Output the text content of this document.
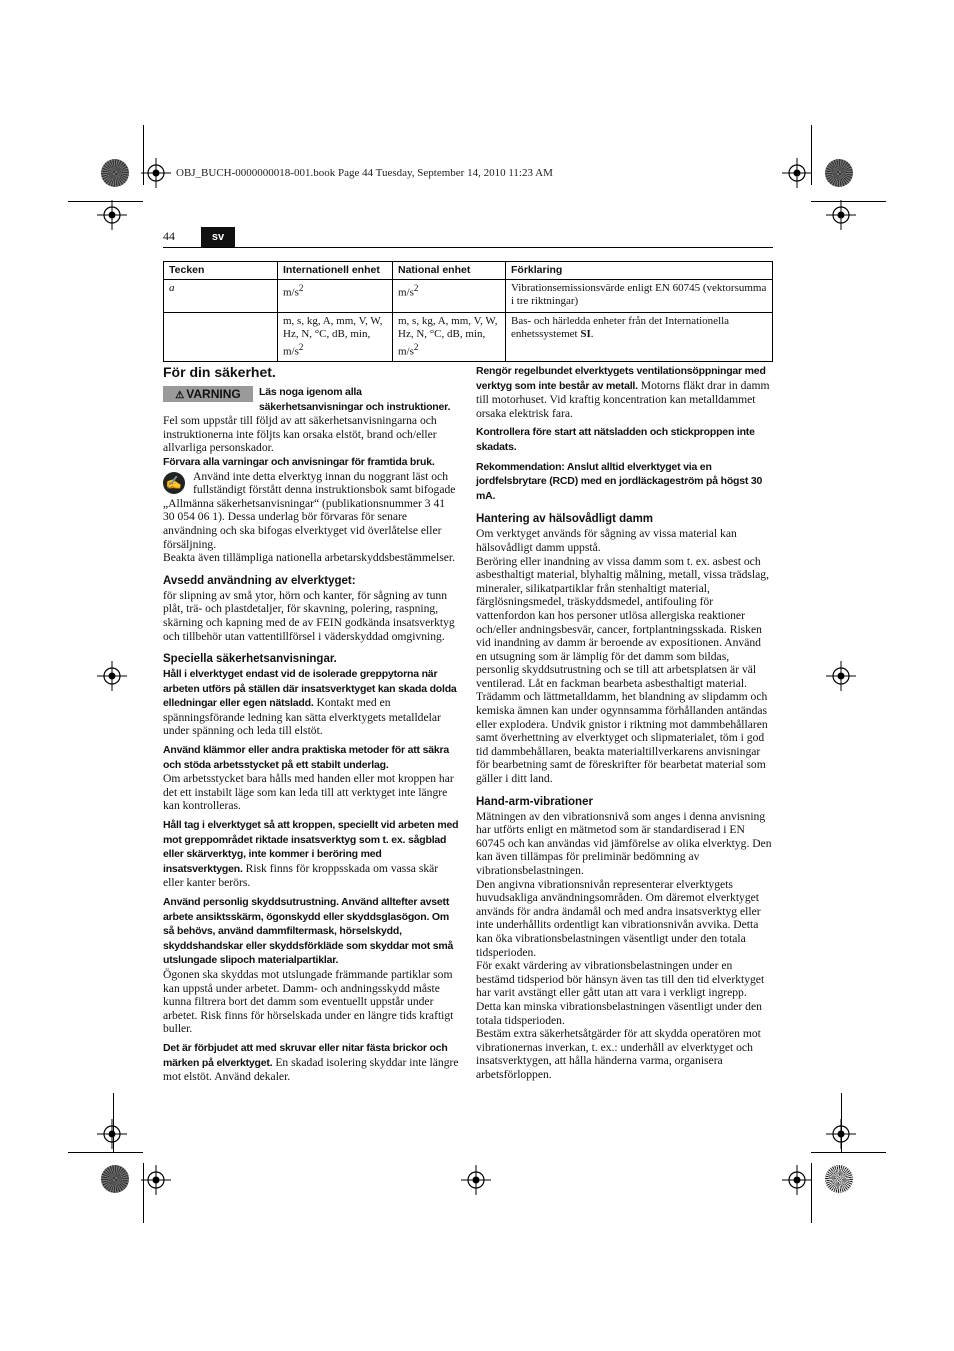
OBJ_BUCH-0000000018-001.book Page 44 Tuesday, September 14, 2010 11:23 AM
44	sv
Tecken	Internationell enhet	National enhet	Förklaring
a	$m/s^2$	$m/s^2$	Vibrationsemissionsvärde enligt EN 60745 (vektorsumma i tre riktningar)
	m, s, kg, A, mm, V, W, Hz, N, °C, dB, min, $m/s^2$	m, s, kg, A, mm, V, W, Hz, N, °C, dB, min, $m/s^2$	Bas- och härledda enheter från det Internationella enhetssystemet SI.
För din säkerhet.

⚠ VARNING	Läs noga igenom alla säkerhetsanvisningar och instruktioner. Fel som uppstår till följd av att säkerhetsanvisningarna och instruktionerna inte följts kan orsaka elstöt, brand och/eller allvarliga personskador.

Förvara alla varningar och anvisningar för framtida bruk.

✍ Använd inte detta elverktyg innan du noggrant läst och fullständigt förstått denna instruktionsbok samt bifogade „Allmänna säkerhetsanvisningar“ (publikationsnummer 3 41 30 054 06 1). Dessa underlag bör förvaras för senare användning och ska bifogas elverktyget vid överlåtelse eller försäljning.

Beakta även tillämpliga nationella arbetarskyddsbestämmelser.

Avsedd användning av elverktyget:

för slipning av små ytor, hörn och kanter, för sågning av tunn plåt, trä- och plastdetaljer, för skavning, polering, raspning, skärning och kapning med de av FEIN godkända insatsverktyg och tillbehör utan vattentillförsel i väderskyddad omgivning.

Speciella säkerhetsanvisningar.

Håll i elverktyget endast vid de isolerade greppytorna när arbeten utförs på ställen där insatsverktyget kan skada dolda elledningar eller egen nätsladd. Kontakt med en spänningsförande ledning kan sätta elverktygets metalldelar under spänning och leda till elstöt.

Använd klämmor eller andra praktiska metoder för att säkra och stöda arbetsstycket på ett stabilt underlag.
Om arbetsstycket bara hålls med handen eller mot kroppen har det ett instabilt läge som kan leda till att verktyget inte längre kan kontrolleras.

Håll tag i elverktyget så att kroppen, speciellt vid arbeten med mot greppområdet riktade insatsverktyg som t. ex. sågblad eller skärverktyg, inte kommer i beröring med insatsverktygen. Risk finns för kroppsskada om vassa skär eller kanter berörs.

Använd personlig skyddsutrustning. Använd alltefter avsett arbete ansiktsskärm, ögonskydd eller skyddsglasögon. Om så behövs, använd dammfiltermask, hörselskydd, skyddshandskar eller skyddsförkläde som skyddar mot små utslungade slipoch materialpartiklar.
Ögonen ska skyddas mot utslungade främmande partiklar som kan uppstå under arbetet. Damm- och andningsskydd måste kunna filtrera bort det damm som eventuellt uppstår under arbetet. Risk finns för hörselskada under en längre tids kraftigt buller.

Det är förbjudet att med skruvar eller nitar fästa brickor och märken på elverktyget. En skadad isolering skyddar inte längre mot elstöt. Använd dekaler.

Rengör regelbundet elverktygets ventilationsöppningar med verktyg som inte består av metall. Motorns fläkt drar in damm till motorhuset. Vid kraftig koncentration kan metalldammet orsaka elektrisk fara.

Kontrollera före start att nätsladden och stickproppen inte skadats.

Rekommendation: Anslut alltid elverktyget via en jordfelsbrytare (RCD) med en jordläckageström på högst 30 mA.

Hantering av hälsovådligt damm

Om verktyget används för sågning av vissa material kan hälsovådligt damm uppstå.

Beröring eller inandning av vissa damm som t. ex. asbest och asbesthaltigt material, blyhaltig målning, metall, vissa trädslag, mineraler, silikatpartiklar från stenhaltigt material, färglösningsmedel, träskyddsmedel, antifouling för vattenfordon kan hos personer utlösa allergiska reaktioner och/eller andningsbesvär, cancer, fortplantningsskada. Risken vid inandning av damm är beroende av expositionen. Använd en utsugning som är lämplig för det damm som bildas, personlig skyddsutrustning och se till att arbetsplatsen är väl ventilerad. Låt en fackman bearbeta asbesthaltigt material.

Trädamm och lättmetalldamm, het blandning av slipdamm och kemiska ämnen kan under ogynnsamma förhållanden antändas eller explodera. Undvik gnistor i riktning mot dammbehållaren samt överhettning av elverktyget och slipmaterialet, töm i god tid dammbehållaren, beakta materialtillverkarens anvisningar för bearbetning samt de föreskrifter för bearbetat material som gäller i ditt land.

Hand-arm-vibrationer

Mätningen av den vibrationsnivå som anges i denna anvisning har utförts enligt en mätmetod som är standardiserad i EN 60745 och kan användas vid jämförelse av olika elverktyg. Den kan även tillämpas för preliminär bedömning av vibrationsbelastningen.

Den angivna vibrationsnivån representerar elverktygets huvudsakliga användningsområden. Om däremot elverktyget används för andra ändamål och med andra insatsverktyg eller inte underhållits ordentligt kan vibrationsnivån avvika. Detta kan öka vibrationsbelastningen väsentligt under den totala tidsperioden.

För exakt värdering av vibrationsbelastningen under en bestämd tidsperiod bör hänsyn även tas till den tid elverktyget har varit avstängt eller gått utan att vara i verkligt ingrepp. Detta kan minska vibrationsbelastningen väsentligt under den totala tidsperioden.

Bestäm extra säkerhetsåtgärder för att skydda operatören mot vibrationernas inverkan, t. ex.: underhåll av elverktyget och insatsverktygen, att hålla händerna varma, organisera arbetsförloppen.
